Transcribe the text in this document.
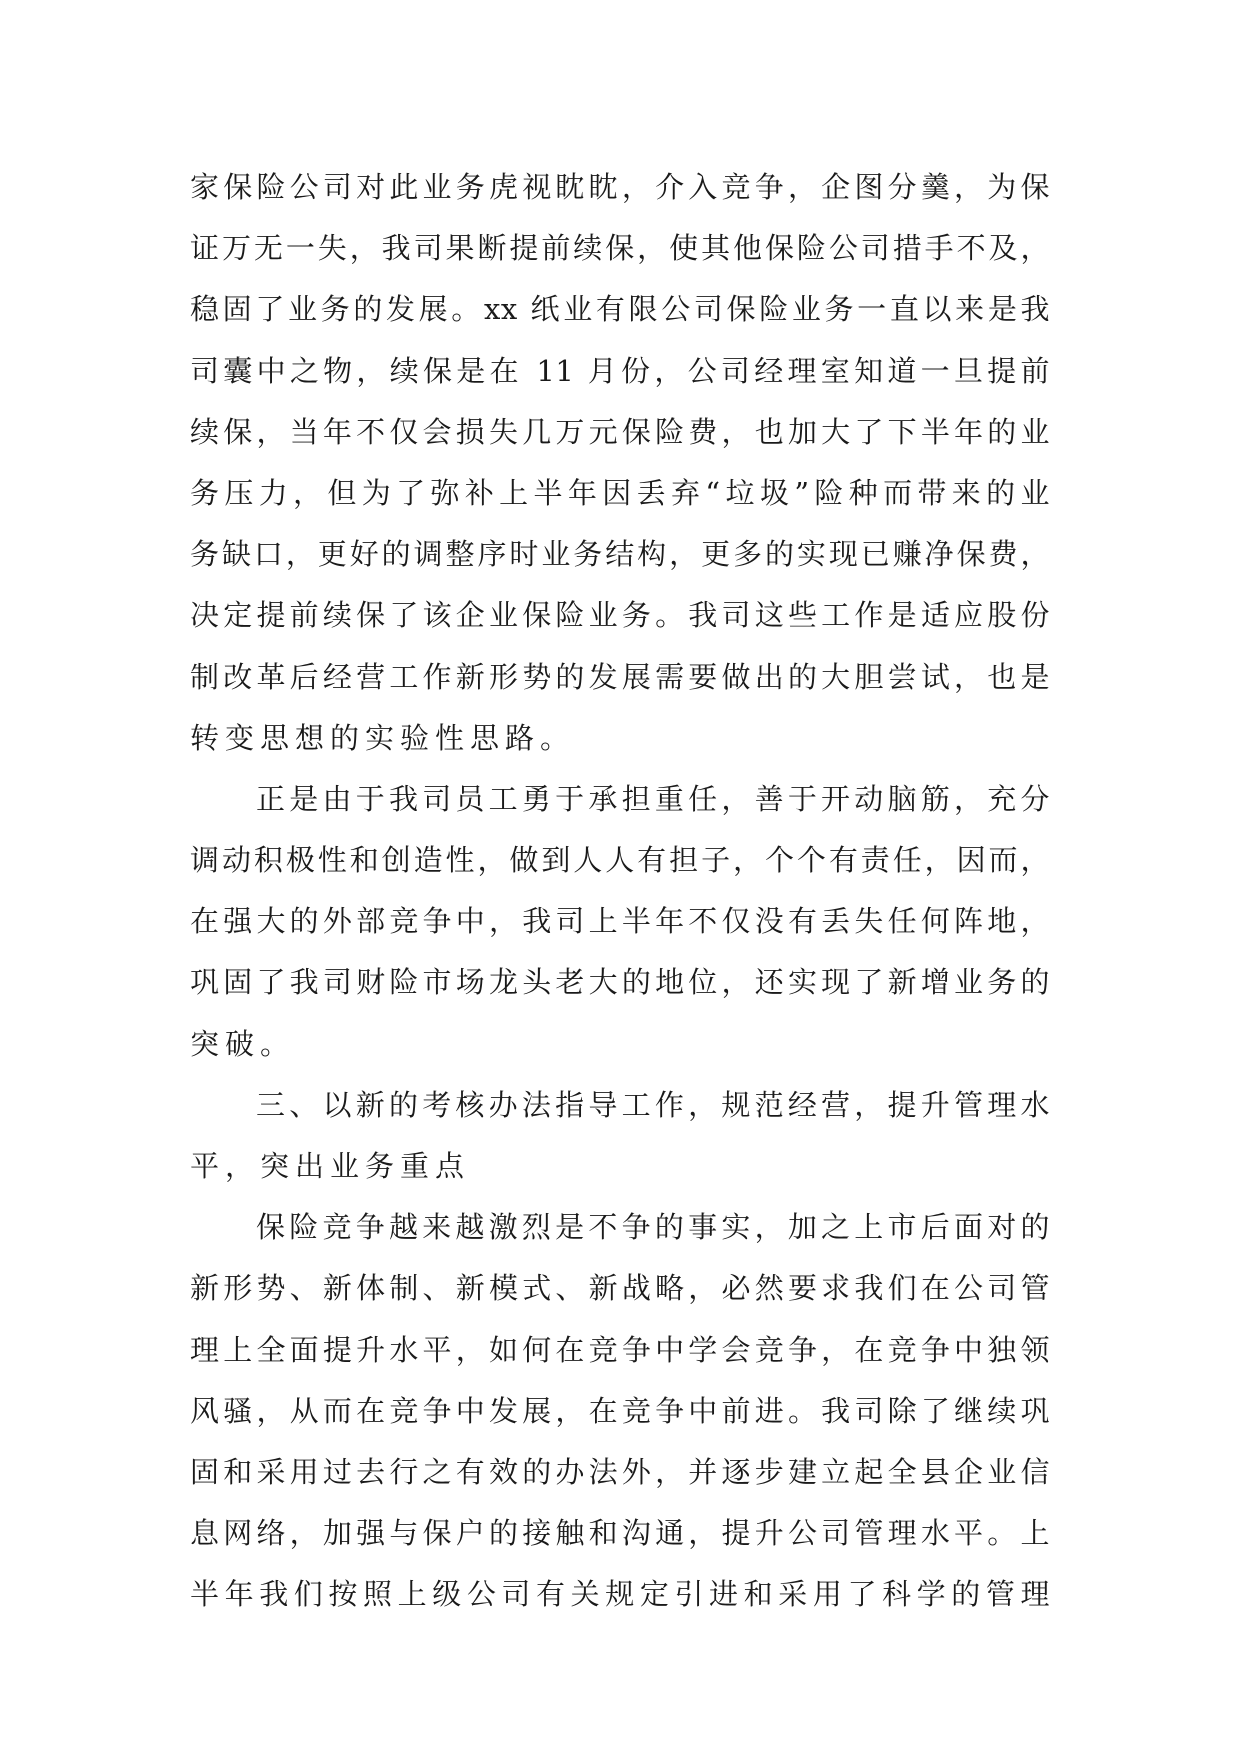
家保险公司对此业务虎视眈眈，介入竞争，企图分羹，为保
证万无一失，我司果断提前续保，使其他保险公司措手不及，
稳固了业务的发展。xx 纸业有限公司保险业务一直以来是我
司囊中之物，续保是在 11 月份，公司经理室知道一旦提前
续保，当年不仅会损失几万元保险费，也加大了下半年的业
务压力，但为了弥补上半年因丢弃“垃圾”险种而带来的业
务缺口，更好的调整序时业务结构，更多的实现已赚净保费，
决定提前续保了该企业保险业务。我司这些工作是适应股份
制改革后经营工作新形势的发展需要做出的大胆尝试，也是
转变思想的实验性思路。
正是由于我司员工勇于承担重任，善于开动脑筋，充分
调动积极性和创造性，做到人人有担子，个个有责任，因而，
在强大的外部竞争中，我司上半年不仅没有丢失任何阵地，
巩固了我司财险市场龙头老大的地位，还实现了新增业务的
突破。
三、以新的考核办法指导工作，规范经营，提升管理水
平，突出业务重点
保险竞争越来越激烈是不争的事实，加之上市后面对的
新形势、新体制、新模式、新战略，必然要求我们在公司管
理上全面提升水平，如何在竞争中学会竞争，在竞争中独领
风骚，从而在竞争中发展，在竞争中前进。我司除了继续巩
固和采用过去行之有效的办法外，并逐步建立起全县企业信
息网络，加强与保户的接触和沟通，提升公司管理水平。上
半年我们按照上级公司有关规定引进和采用了科学的管理
